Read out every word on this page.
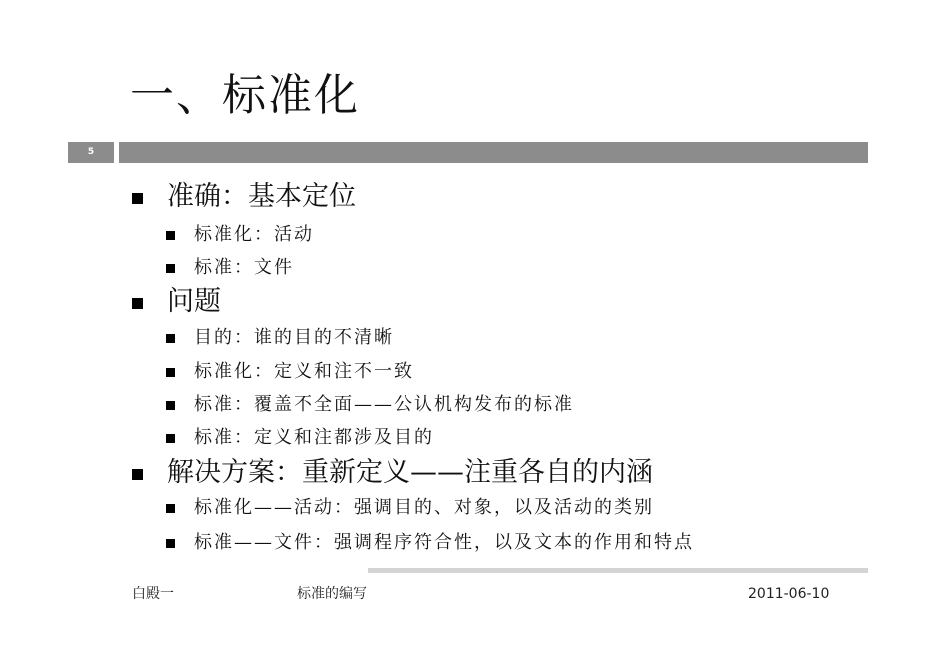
一、标准化
5
准确：基本定位
标准化：活动
标准：文件
问题
目的：谁的目的不清晰
标准化：定义和注不一致
标准：覆盖不全面——公认机构发布的标准
标准：定义和注都涉及目的
解决方案：重新定义——注重各自的内涵
标准化——活动：强调目的、对象，以及活动的类别
标准——文件：强调程序符合性，以及文本的作用和特点
白殿一	标准的编写	2011-06-10
